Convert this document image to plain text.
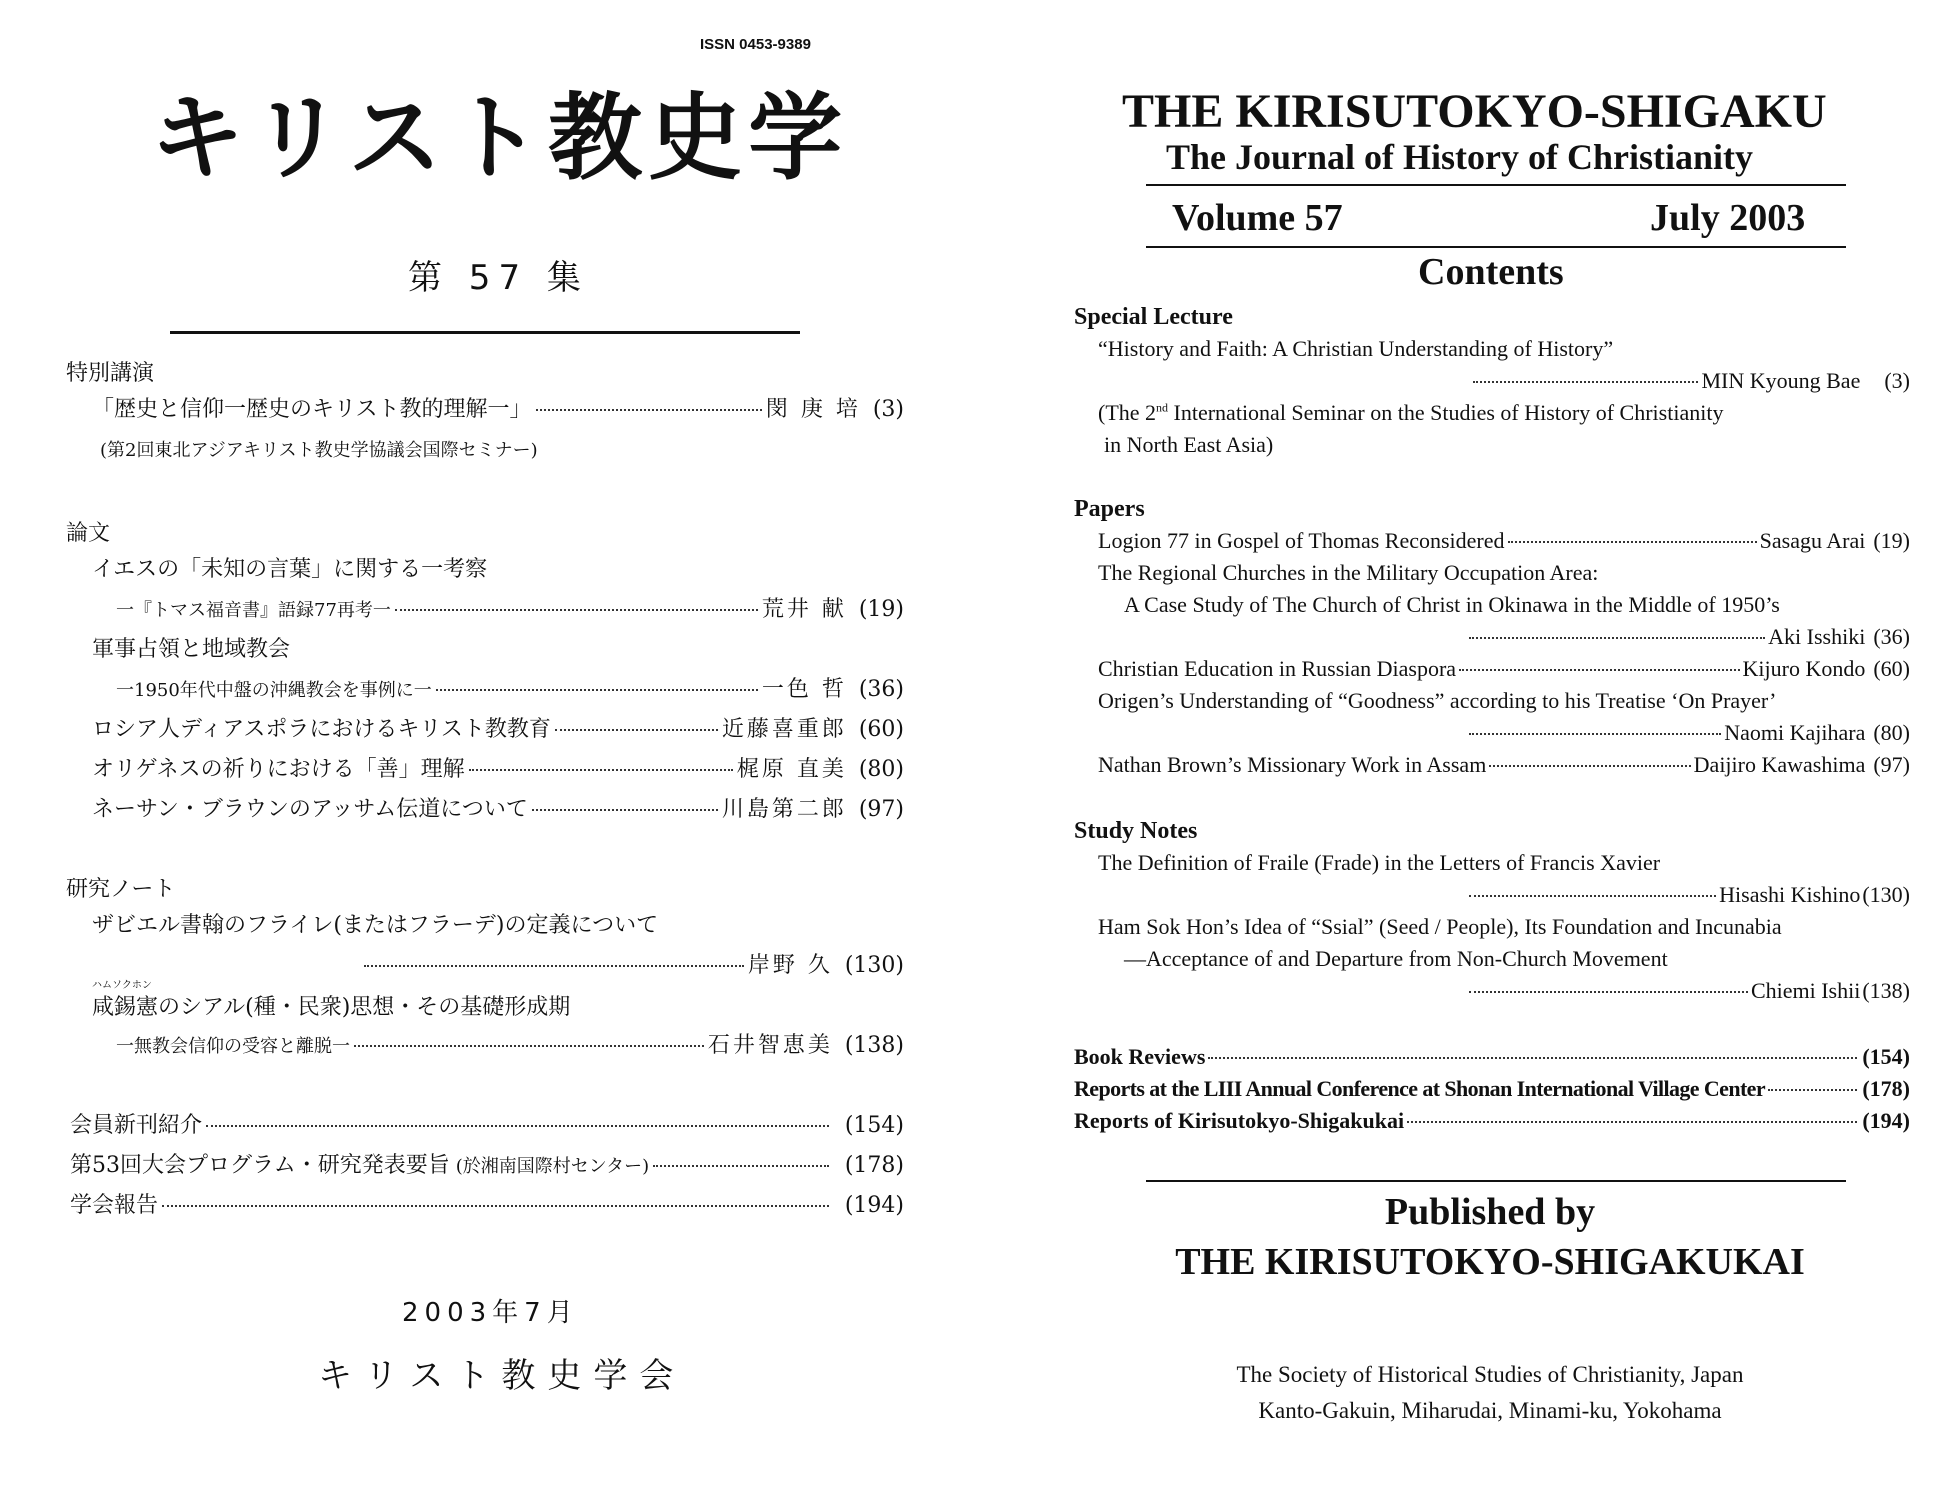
ISSN 0453-9389
キリスト教史学
第 57 集
特別講演
「歴史と信仰一歴史のキリスト教的理解一」	閔 庚 培 (3)
(第2回東北アジアキリスト教史学協議会国際セミナー)
論文
イエスの「未知の言葉」に関する一考察
一『トマス福音書』語録77再考一	荒井 献 (19)
軍事占領と地域教会
一1950年代中盤の沖縄教会を事例に一	一色 哲 (36)
ロシア人ディアスポラにおけるキリスト教教育	近藤喜重郎 (60)
オリゲネスの祈りにおける「善」理解	梶原 直美 (80)
ネーサン・ブラウンのアッサム伝道について	川島第二郎 (97)
研究ノート
ザビエル書翰のフライレ(またはフラーデ)の定義について
岸野 久 (130)
ハムソクホン
咸錫憲のシアル(種・民衆)思想・その基礎形成期
一無教会信仰の受容と離脱一	石井智恵美 (138)
会員新刊紹介	(154)
第53回大会プログラム・研究発表要旨 (於湘南国際村センター)	(178)
学会報告	(194)
2003年7月
キリスト教史学会
THE KIRISUTOKYO-SHIGAKU
The Journal of History of Christianity
Volume 57	July 2003
Contents
Special Lecture
“History and Faith: A Christian Understanding of History”
MIN Kyoung Bae (3)
(The 2nd International Seminar on the Studies of History of Christianity
in North East Asia)
Papers
Logion 77 in Gospel of Thomas Reconsidered	Sasagu Arai (19)
The Regional Churches in the Military Occupation Area:
A Case Study of The Church of Christ in Okinawa in the Middle of 1950’s
Aki Isshiki (36)
Christian Education in Russian Diaspora	Kijuro Kondo (60)
Origen’s Understanding of “Goodness” according to his Treatise ‘On Prayer’
Naomi Kajihara (80)
Nathan Brown’s Missionary Work in Assam	Daijiro Kawashima (97)
Study Notes
The Definition of Fraile (Frade) in the Letters of Francis Xavier
Hisashi Kishino (130)
Ham Sok Hon’s Idea of “Ssial” (Seed / People), Its Foundation and Incunabia
—Acceptance of and Departure from Non-Church Movement
Chiemi Ishii (138)
Book Reviews	(154)
Reports at the LIII Annual Conference at Shonan International Village Center	(178)
Reports of Kirisutokyo-Shigakukai	(194)
Published by
THE KIRISUTOKYO-SHIGAKUKAI
The Society of Historical Studies of Christianity, Japan
Kanto-Gakuin, Miharudai, Minami-ku, Yokohama
